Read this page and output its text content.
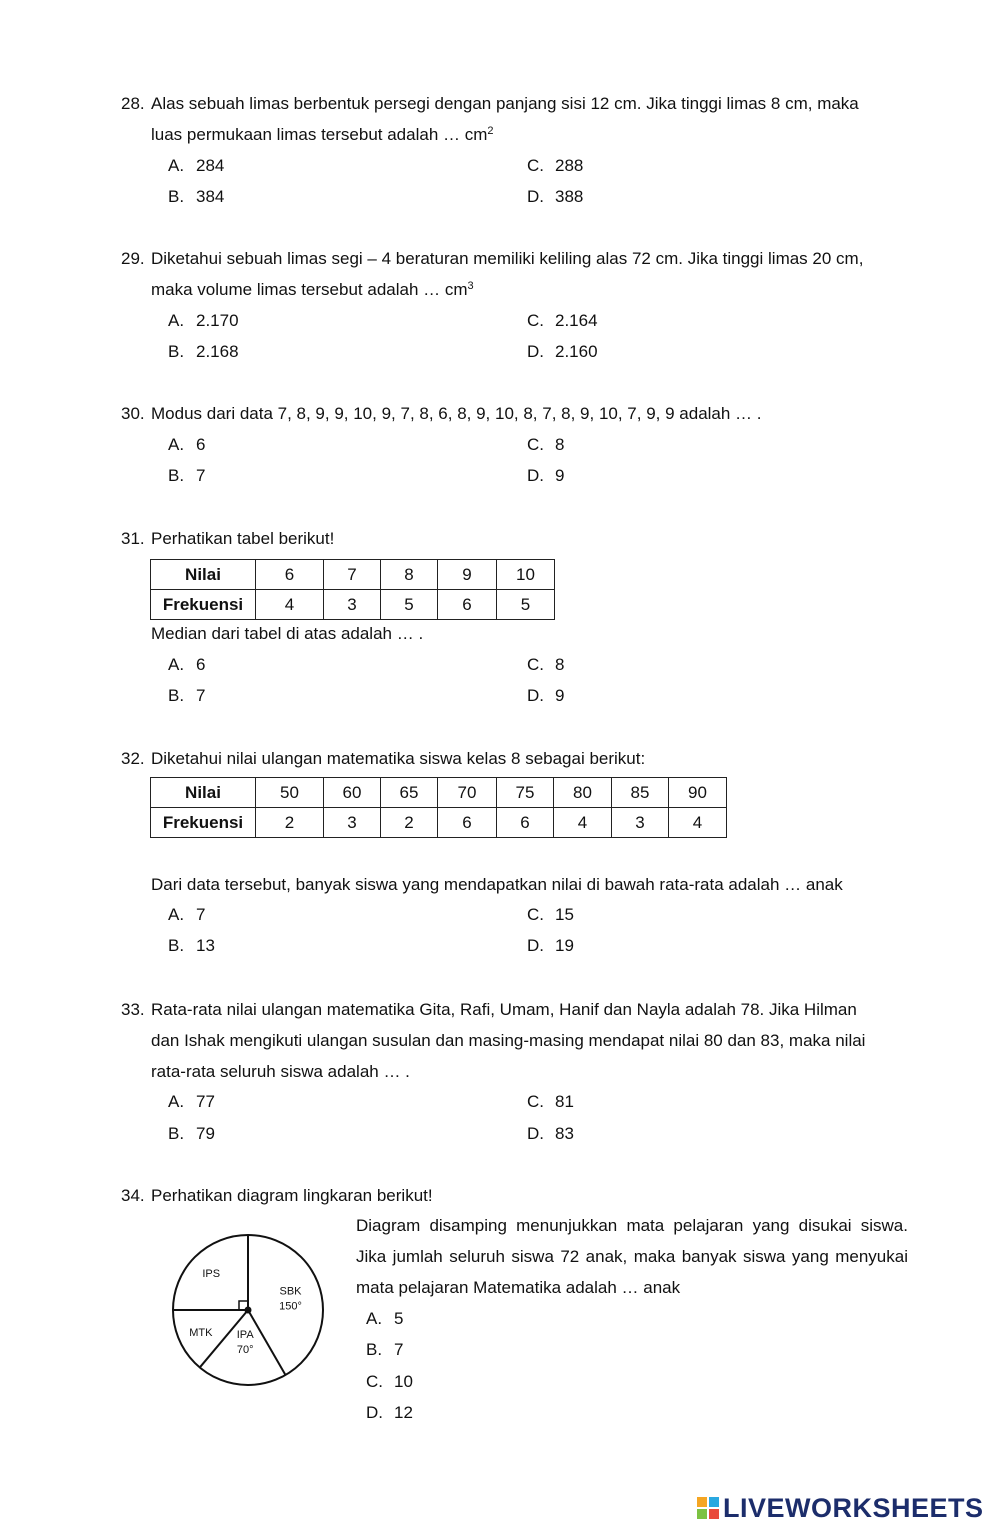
28. Alas sebuah limas berbentuk persegi dengan panjang sisi 12 cm. Jika tinggi limas 8 cm, maka
luas permukaan limas tersebut adalah … $cm^2$
A. 284	C. 288
B. 384	D. 388
29. Diketahui sebuah limas segi – 4 beraturan memiliki keliling alas 72 cm. Jika tinggi limas 20 cm,
maka volume limas tersebut adalah … $cm^3$
A. 2.170	C. 2.164
B. 2.168	D. 2.160
30. Modus dari data 7, 8, 9, 9, 10, 9, 7, 8, 6, 8, 9, 10, 8, 7, 8, 9, 10, 7, 9, 9 adalah … .
A. 6	C. 8
B. 7	D. 9
31. Perhatikan tabel berikut!
Nilai	6	7	8	9	10
Frekuensi	4	3	5	6	5
Median dari tabel di atas adalah … .
A. 6	C. 8
B. 7	D. 9
32. Diketahui nilai ulangan matematika siswa kelas 8 sebagai berikut:
Nilai	50	60	65	70	75	80	85	90
Frekuensi	2	3	2	6	6	4	3	4
Dari data tersebut, banyak siswa yang mendapatkan nilai di bawah rata-rata adalah … anak
A. 7	C. 15
B. 13	D. 19
33. Rata-rata nilai ulangan matematika Gita, Rafi, Umam, Hanif dan Nayla adalah 78. Jika Hilman
dan Ishak mengikuti ulangan susulan dan masing-masing mendapat nilai 80 dan 83, maka nilai
rata-rata seluruh siswa adalah … .
A. 77	C. 81
B. 79	D. 83
34. Perhatikan diagram lingkaran berikut!
Diagram disamping menunjukkan mata pelajaran yang disukai siswa. Jika jumlah seluruh siswa 72 anak, maka banyak siswa yang menyukai mata pelajaran Matematika adalah … anak
A. 5
B. 7
C. 10
D. 12
IPS
MTK IPA
70°
SBK
150°
LIVEWORKSHEETS
